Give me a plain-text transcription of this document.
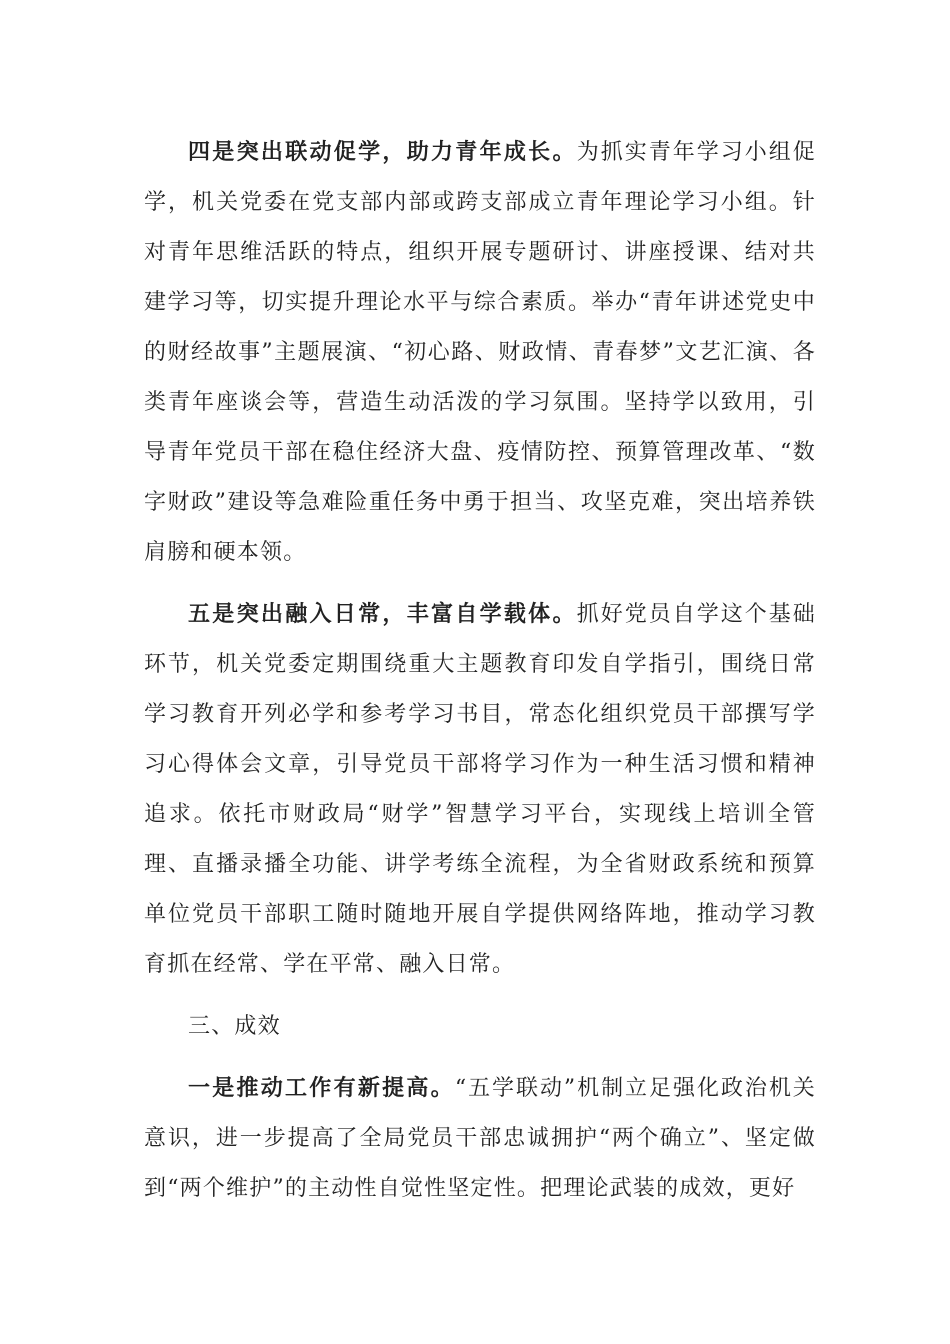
四是突出联动促学，助力青年成长。为抓实青年学习小组促学，机关党委在党支部内部或跨支部成立青年理论学习小组。针对青年思维活跃的特点，组织开展专题研讨、讲座授课、结对共建学习等，切实提升理论水平与综合素质。举办“青年讲述党史中的财经故事”主题展演、“初心路、财政情、青春梦”文艺汇演、各类青年座谈会等，营造生动活泼的学习氛围。坚持学以致用，引导青年党员干部在稳住经济大盘、疫情防控、预算管理改革、“数字财政”建设等急难险重任务中勇于担当、攻坚克难，突出培养铁肩膀和硬本领。

五是突出融入日常，丰富自学载体。抓好党员自学这个基础环节，机关党委定期围绕重大主题教育印发自学指引，围绕日常学习教育开列必学和参考学习书目，常态化组织党员干部撰写学习心得体会文章，引导党员干部将学习作为一种生活习惯和精神追求。依托市财政局“财学”智慧学习平台，实现线上培训全管理、直播录播全功能、讲学考练全流程，为全省财政系统和预算单位党员干部职工随时随地开展自学提供网络阵地，推动学习教育抓在经常、学在平常、融入日常。

三、成效

一是推动工作有新提高。“五学联动”机制立足强化政治机关意识，进一步提高了全局党员干部忠诚拥护“两个确立”、坚定做到“两个维护”的主动性自觉性坚定性。把理论武装的成效，更好
